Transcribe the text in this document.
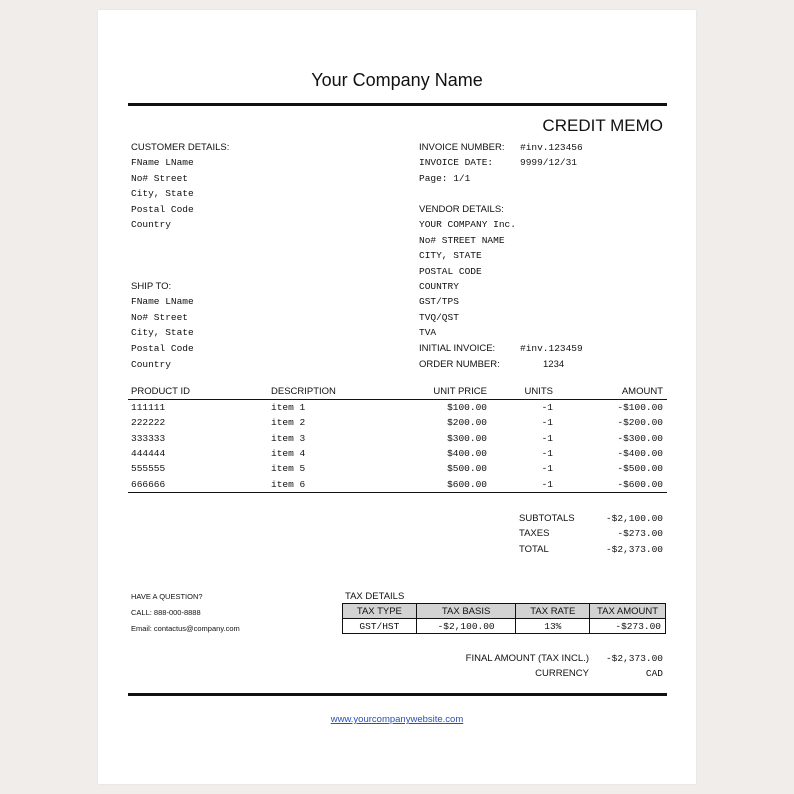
Your Company Name
CREDIT MEMO
CUSTOMER DETAILS:
FName LName
No# Street
City, State
Postal Code
Country
SHIP TO:
FName LName
No# Street
City, State
Postal Code
Country
INVOICE NUMBER: #inv.123456
INVOICE DATE:	9999/12/31
Page: 1/1
VENDOR DETAILS:
YOUR COMPANY Inc.
No# STREET NAME
CITY, STATE
POSTAL CODE
COUNTRY
GST/TPS
TVQ/QST
TVA
INITIAL INVOICE:	#inv.123459
ORDER NUMBER:	1234
PRODUCT ID	DESCRIPTION	UNIT PRICE	UNITS	AMOUNT
111111	item 1	$100.00	-1	-$100.00
222222	item 2	$200.00	-1	-$200.00
333333	item 3	$300.00	-1	-$300.00
444444	item 4	$400.00	-1	-$400.00
555555	item 5	$500.00	-1	-$500.00
666666	item 6	$600.00	-1	-$600.00
SUBTOTALS	-$2,100.00
TAXES	-$273.00
TOTAL	-$2,373.00
HAVE A QUESTION?
CALL: 888-000-8888
Email: contactus@company.com
TAX DETAILS
TAX TYPE	TAX BASIS	TAX RATE	TAX AMOUNT
GST/HST	-$2,100.00	13%	-$273.00
FINAL AMOUNT (TAX INCL.) -$2,373.00
CURRENCY	CAD
www.yourcompanywebsite.com
